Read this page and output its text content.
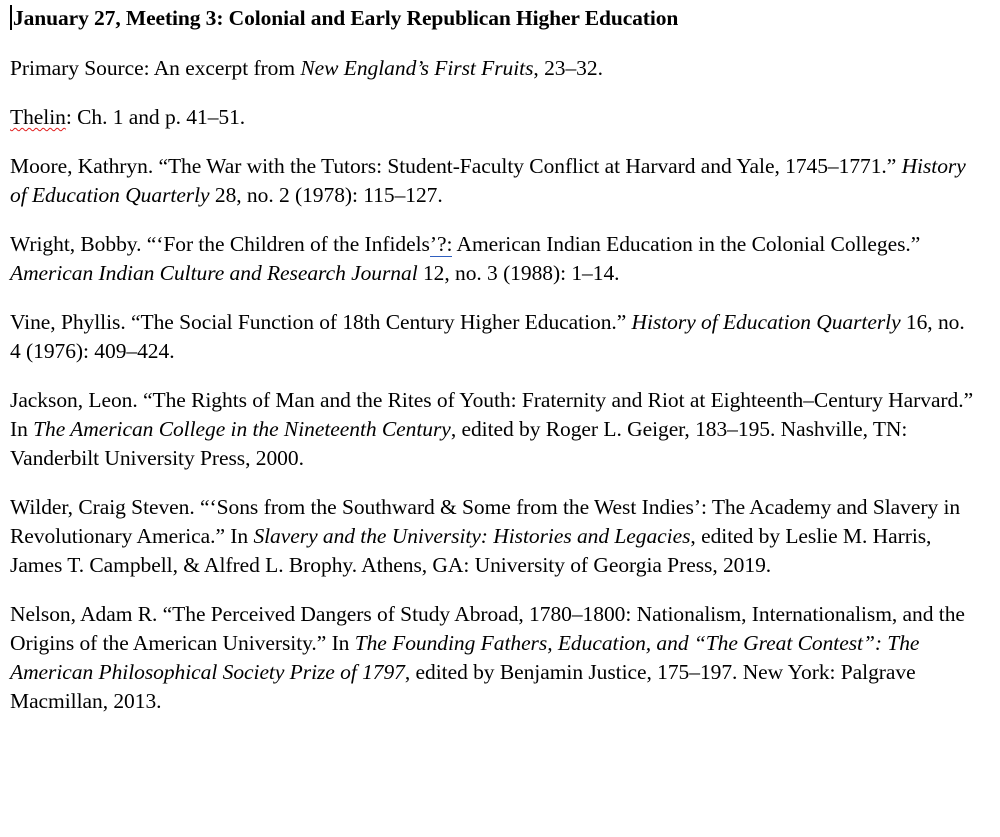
January 27, Meeting 3: Colonial and Early Republican Higher Education

Primary Source: An excerpt from New England’s First Fruits, 23–32.

Thelin: Ch. 1 and p. 41–51.

Moore, Kathryn. “The War with the Tutors: Student-Faculty Conflict at Harvard and Yale, 1745–1771.” History of Education Quarterly 28, no. 2 (1978): 115–127.

Wright, Bobby. “‘For the Children of the Infidels’?: American Indian Education in the Colonial Colleges.” American Indian Culture and Research Journal 12, no. 3 (1988): 1–14.

Vine, Phyllis. “The Social Function of 18th Century Higher Education.” History of Education Quarterly 16, no. 4 (1976): 409–424.

Jackson, Leon. “The Rights of Man and the Rites of Youth: Fraternity and Riot at Eighteenth–Century Harvard.” In The American College in the Nineteenth Century, edited by Roger L. Geiger, 183–195. Nashville, TN: Vanderbilt University Press, 2000.

Wilder, Craig Steven. “‘Sons from the Southward & Some from the West Indies’: The Academy and Slavery in Revolutionary America.” In Slavery and the University: Histories and Legacies, edited by Leslie M. Harris, James T. Campbell, & Alfred L. Brophy. Athens, GA: University of Georgia Press, 2019.

Nelson, Adam R. “The Perceived Dangers of Study Abroad, 1780–1800: Nationalism, Internationalism, and the Origins of the American University.” In The Founding Fathers, Education, and “The Great Contest”: The American Philosophical Society Prize of 1797, edited by Benjamin Justice, 175–197. New York: Palgrave Macmillan, 2013.
